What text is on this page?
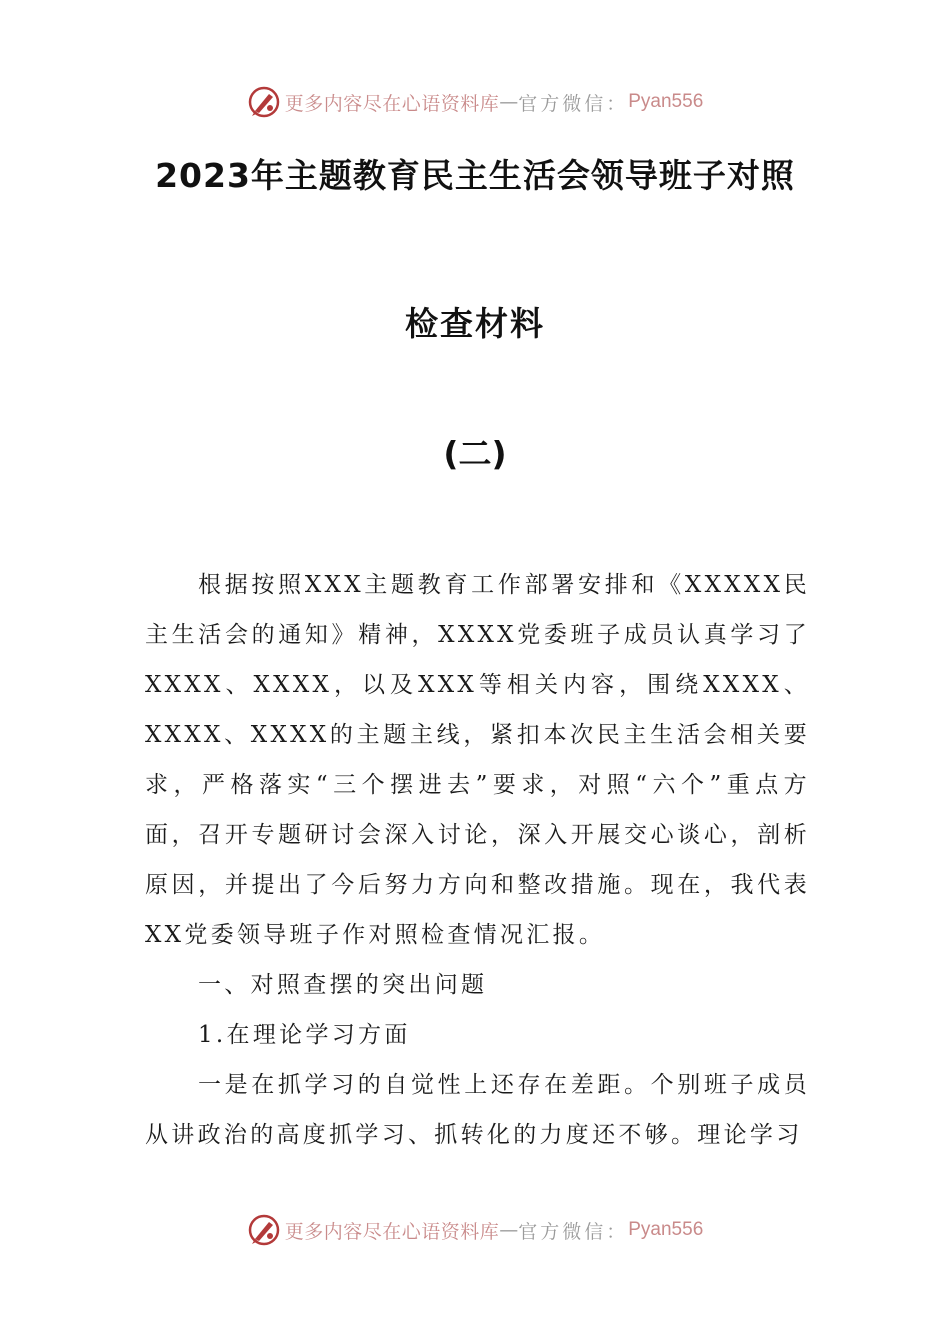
更多内容尽在心语资料库 — 官方微信： Pyan556
2023年主题教育民主生活会领导班子对照
检查材料
(二)

根据按照XXX主题教育工作部署安排和《XXXXX民主生活会的通知》精神，XXXX党委班子成员认真学习了XXXX、XXXX，以及XXX等相关内容，围绕XXXX、XXXX、XXXX的主题主线，紧扣本次民主生活会相关要求，严格落实“三个摆进去”要求，对照“六个”重点方面，召开专题研讨会深入讨论，深入开展交心谈心，剖析原因，并提出了今后努力方向和整改措施。现在，我代表XX党委领导班子作对照检查情况汇报。

一、对照查摆的突出问题

1.在理论学习方面

一是在抓学习的自觉性上还存在差距。个别班子成员从讲政治的高度抓学习、抓转化的力度还不够。理论学习

更多内容尽在心语资料库 — 官方微信： Pyan556
